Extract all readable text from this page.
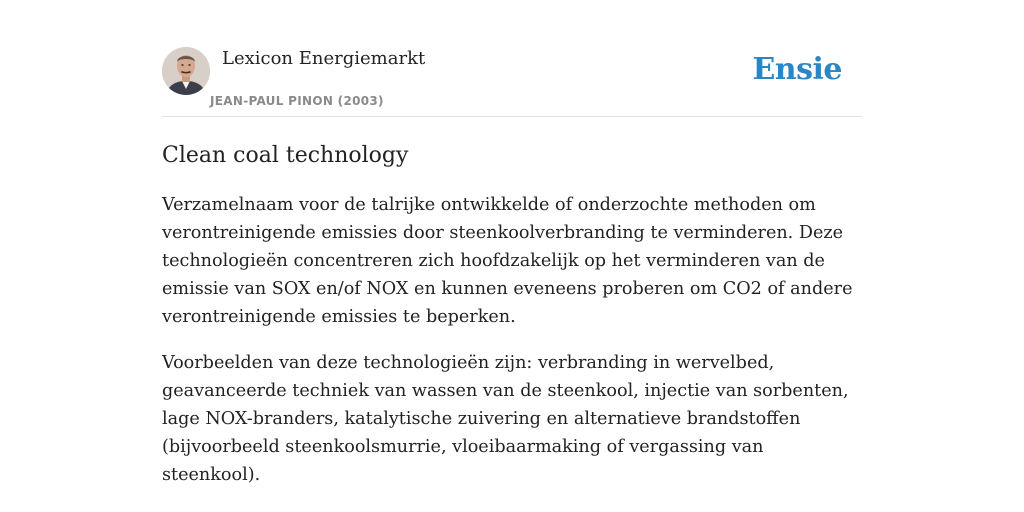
Lexicon Energiemarkt
JEAN-PAUL PINON (2003)
Ensie
Clean coal technology

Verzamelnaam voor de talrijke ontwikkelde of onderzochte methoden om verontreinigende emissies door steenkoolverbranding te verminderen. Deze technologieën concentreren zich hoofdzakelijk op het verminderen van de emissie van SOX en/of NOX en kunnen eveneens proberen om CO2 of andere verontreinigende emissies te beperken.

Voorbeelden van deze technologieën zijn: verbranding in wervelbed, geavanceerde techniek van wassen van de steenkool, injectie van sorbenten, lage NOX-branders, katalytische zuivering en alternatieve brandstoffen (bijvoorbeeld steenkoolsmurrie, vloeibaarmaking of vergassing van steenkool).
